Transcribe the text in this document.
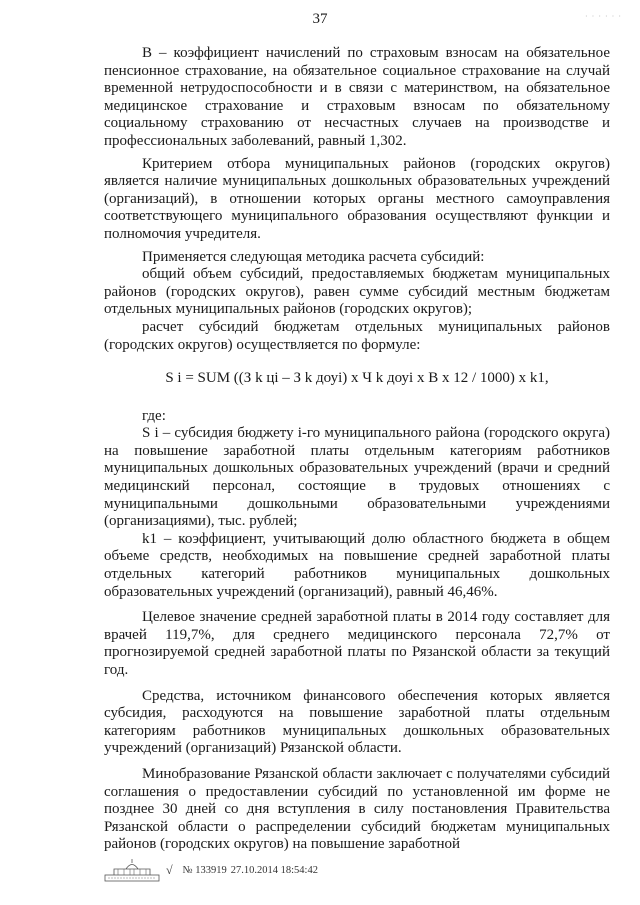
37	· · · · · ·

B – коэффициент начислений по страховым взносам на обязательное пенсионное страхование, на обязательное социальное страхование на случай временной нетрудоспособности и в связи с материнством, на обязательное медицинское страхование и страховым взносам по обязательному социальному страхованию от несчастных случаев на производстве и профессиональных заболеваний, равный 1,302.

Критерием отбора муниципальных районов (городских округов) является наличие муниципальных дошкольных образовательных учреждений (организаций), в отношении которых органы местного самоуправления соответствующего муниципального образования осуществляют функции и полномочия учредителя.

Применяется следующая методика расчета субсидий:

общий объем субсидий, предоставляемых бюджетам муниципальных районов (городских округов), равен сумме субсидий местным бюджетам отдельных муниципальных районов (городских округов);

расчет субсидий бюджетам отдельных муниципальных районов (городских округов) осуществляется по формуле:

S i = SUM ((З k цi – З k доуi) x Ч k доуi x B x 12 / 1000) x k1,

где:

S i – субсидия бюджету i-го муниципального района (городского округа) на повышение заработной платы отдельным категориям работников муниципальных дошкольных образовательных учреждений (врачи и средний медицинский персонал, состоящие в трудовых отношениях с муниципальными дошкольными образовательными учреждениями (организациями), тыс. рублей;

k1 – коэффициент, учитывающий долю областного бюджета в общем объеме средств, необходимых на повышение средней заработной платы отдельных категорий работников муниципальных дошкольных образовательных учреждений (организаций), равный 46,46%.

Целевое значение средней заработной платы в 2014 году составляет для врачей 119,7%, для среднего медицинского персонала 72,7% от прогнозируемой средней заработной платы по Рязанской области за текущий год.

Средства, источником финансового обеспечения которых является субсидия, расходуются на повышение заработной платы отдельным категориям работников муниципальных дошкольных образовательных учреждений (организаций) Рязанской области.

Минобразование Рязанской области заключает с получателями субсидий соглашения о предоставлении субсидий по установленной им форме не позднее 30 дней со дня вступления в силу постановления Правительства Рязанской области о распределении субсидий бюджетам муниципальных районов (городских округов) на повышение заработной

√ № 133919 27.10.2014 18:54:42
